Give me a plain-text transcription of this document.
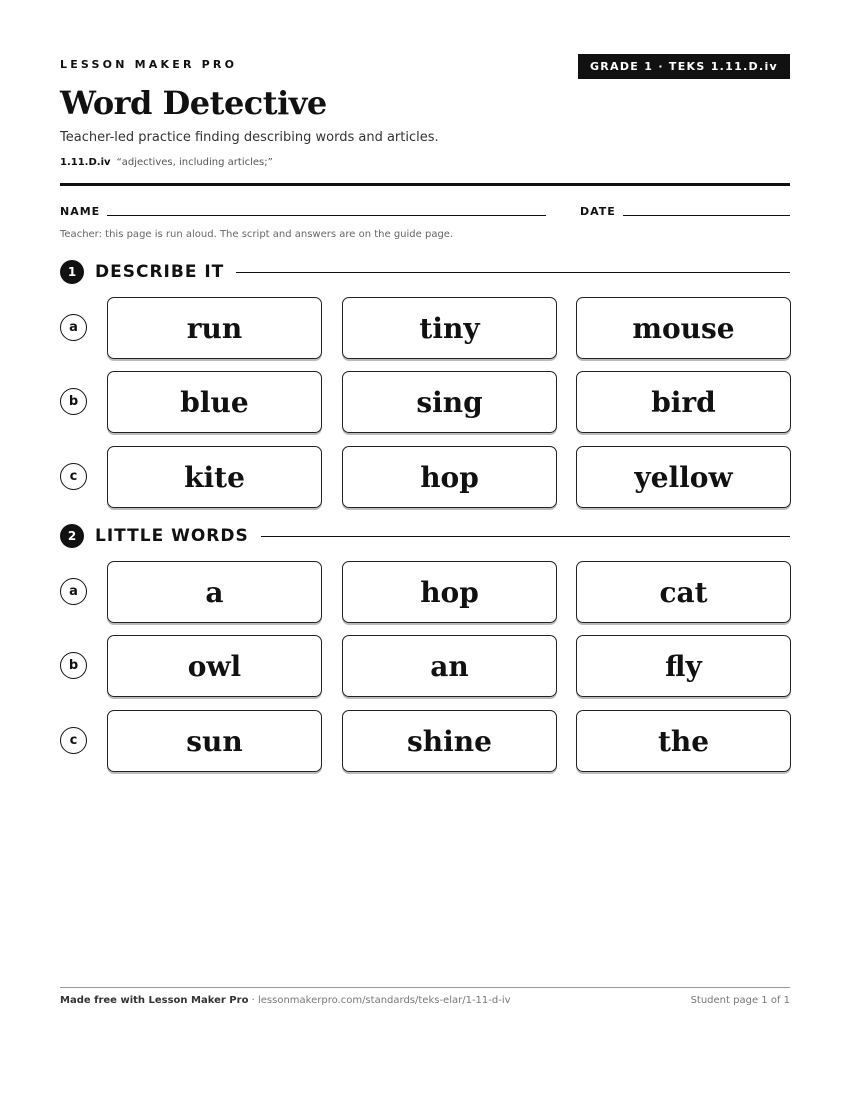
LESSON MAKER PRO	GRADE 1 · TEKS 1.11.D.iv
Word Detective
Teacher-led practice finding describing words and articles.
1.11.D.iv “adjectives, including articles;”
NAME	DATE
Teacher: this page is run aloud. The script and answers are on the guide page.
1	DESCRIBE IT
a	run	tiny	mouse
b	blue	sing	bird
c	kite	hop	yellow
2	LITTLE WORDS
a	a	hop	cat
b	owl	an	fly
c	sun	shine	the
Made free with Lesson Maker Pro · lessonmakerpro.com/standards/teks-elar/1-11-d-iv	Student page 1 of 1
